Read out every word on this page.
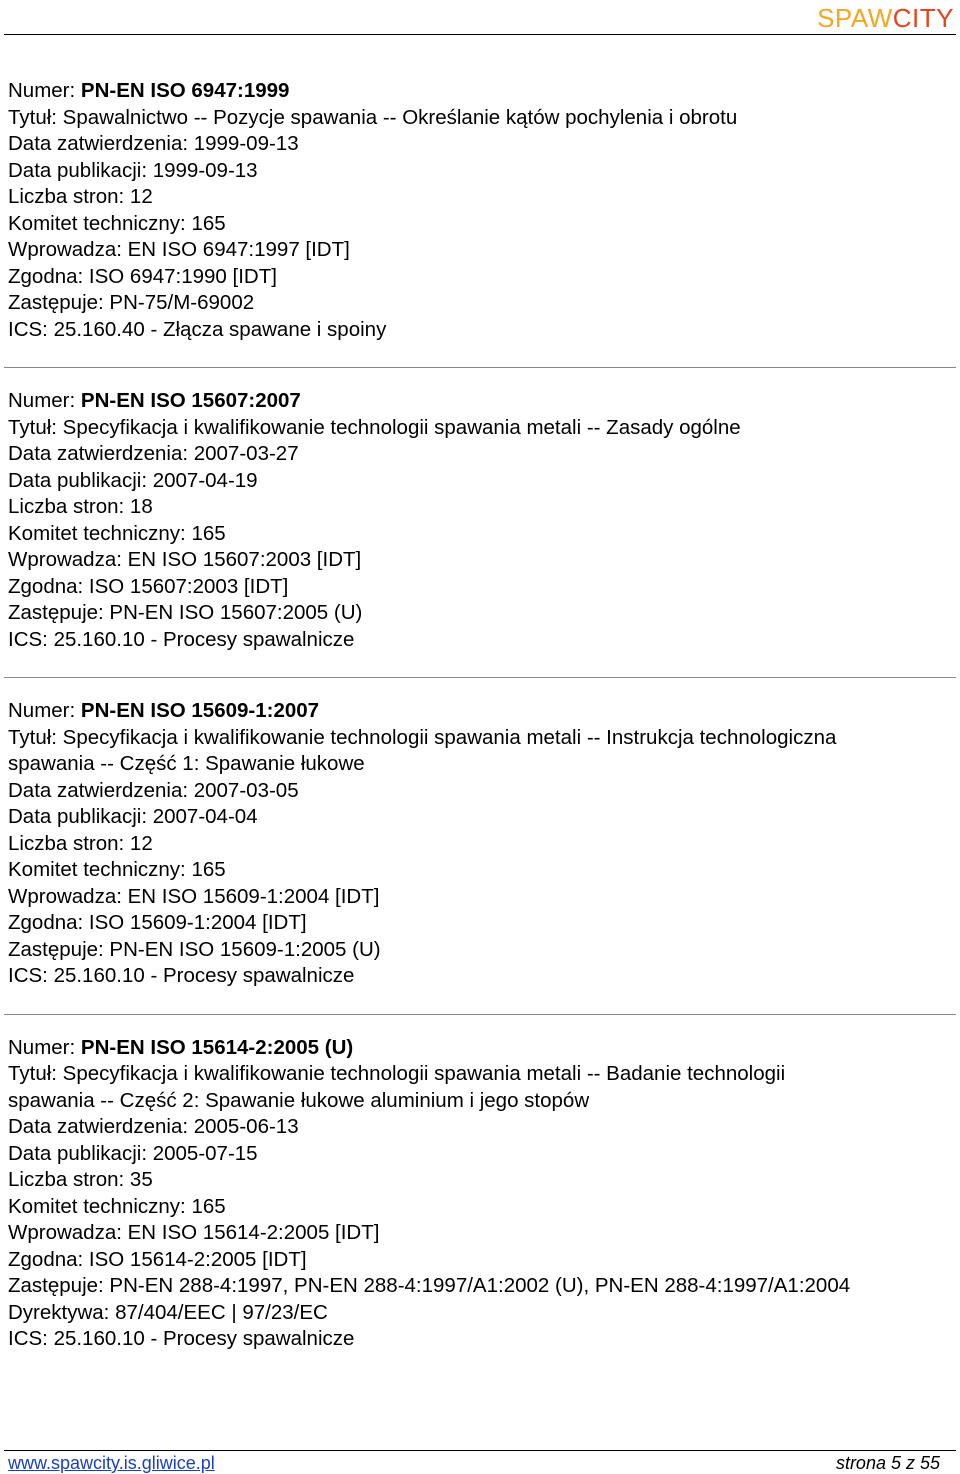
SPAWCITY
Numer: PN-EN ISO 6947:1999
Tytuł: Spawalnictwo -- Pozycje spawania -- Określanie kątów pochylenia i obrotu
Data zatwierdzenia: 1999-09-13
Data publikacji: 1999-09-13
Liczba stron: 12
Komitet techniczny: 165
Wprowadza: EN ISO 6947:1997 [IDT]
Zgodna: ISO 6947:1990 [IDT]
Zastępuje: PN-75/M-69002
ICS: 25.160.40 - Złącza spawane i spoiny
Numer: PN-EN ISO 15607:2007
Tytuł: Specyfikacja i kwalifikowanie technologii spawania metali -- Zasady ogólne
Data zatwierdzenia: 2007-03-27
Data publikacji: 2007-04-19
Liczba stron: 18
Komitet techniczny: 165
Wprowadza: EN ISO 15607:2003 [IDT]
Zgodna: ISO 15607:2003 [IDT]
Zastępuje: PN-EN ISO 15607:2005 (U)
ICS: 25.160.10 - Procesy spawalnicze
Numer: PN-EN ISO 15609-1:2007
Tytuł: Specyfikacja i kwalifikowanie technologii spawania metali -- Instrukcja technologiczna
spawania -- Część 1: Spawanie łukowe
Data zatwierdzenia: 2007-03-05
Data publikacji: 2007-04-04
Liczba stron: 12
Komitet techniczny: 165
Wprowadza: EN ISO 15609-1:2004 [IDT]
Zgodna: ISO 15609-1:2004 [IDT]
Zastępuje: PN-EN ISO 15609-1:2005 (U)
ICS: 25.160.10 - Procesy spawalnicze
Numer: PN-EN ISO 15614-2:2005 (U)
Tytuł: Specyfikacja i kwalifikowanie technologii spawania metali -- Badanie technologii
spawania -- Część 2: Spawanie łukowe aluminium i jego stopów
Data zatwierdzenia: 2005-06-13
Data publikacji: 2005-07-15
Liczba stron: 35
Komitet techniczny: 165
Wprowadza: EN ISO 15614-2:2005 [IDT]
Zgodna: ISO 15614-2:2005 [IDT]
Zastępuje: PN-EN 288-4:1997, PN-EN 288-4:1997/A1:2002 (U), PN-EN 288-4:1997/A1:2004
Dyrektywa: 87/404/EEC | 97/23/EC
ICS: 25.160.10 - Procesy spawalnicze
www.spawcity.is.gliwice.pl	strona 5 z 55
